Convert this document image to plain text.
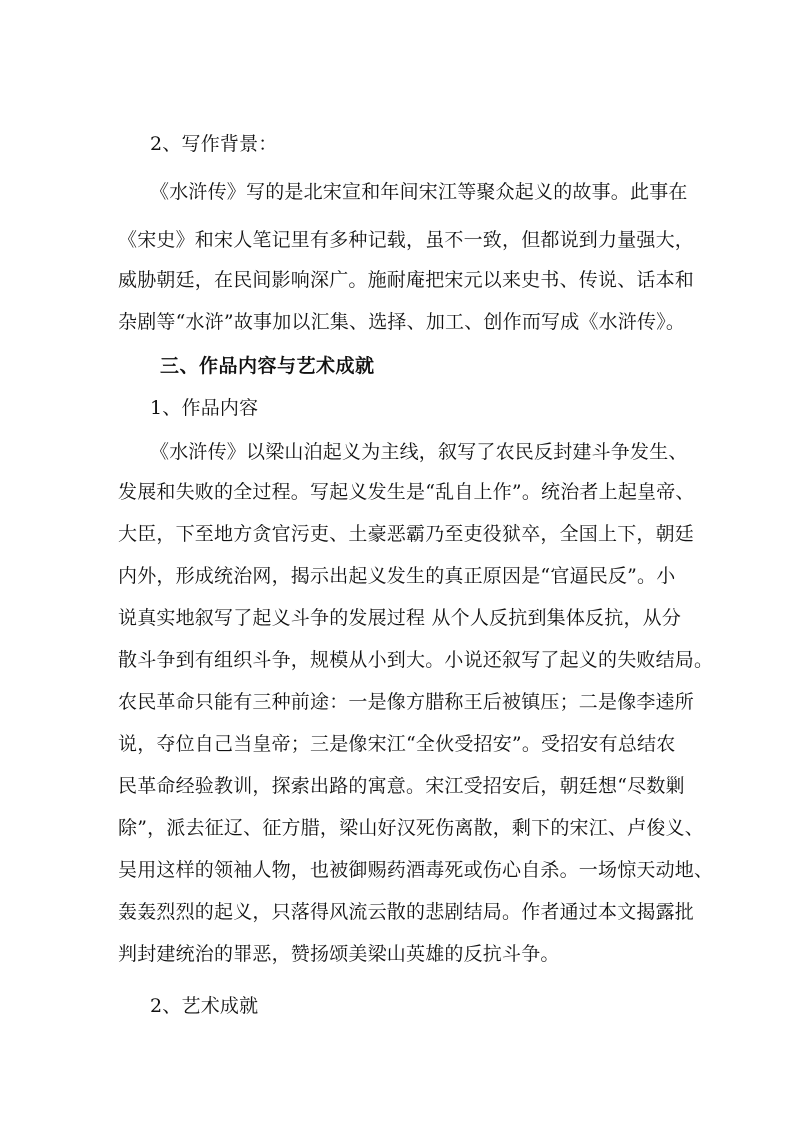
2、写作背景：
《水浒传》写的是北宋宣和年间宋江等聚众起义的故事。此事在
《宋史》和宋人笔记里有多种记载，虽不一致，但都说到力量强大，
威胁朝廷，在民间影响深广。施耐庵把宋元以来史书、传说、话本和
杂剧等“水浒”故事加以汇集、选择、加工、创作而写成《水浒传》。
三、作品内容与艺术成就
1、作品内容
《水浒传》以梁山泊起义为主线，叙写了农民反封建斗争发生、
发展和失败的全过程。写起义发生是“乱自上作”。统治者上起皇帝、
大臣，下至地方贪官污吏、土豪恶霸乃至吏役狱卒，全国上下，朝廷
内外，形成统治网，揭示出起义发生的真正原因是“官逼民反”。小
说真实地叙写了起义斗争的发展过程 从个人反抗到集体反抗，从分
散斗争到有组织斗争，规模从小到大。小说还叙写了起义的失败结局。
农民革命只能有三种前途：一是像方腊称王后被镇压；二是像李逵所
说，夺位自己当皇帝；三是像宋江“全伙受招安”。受招安有总结农
民革命经验教训，探索出路的寓意。宋江受招安后，朝廷想“尽数剿
除”，派去征辽、征方腊，梁山好汉死伤离散，剩下的宋江、卢俊义、
吴用这样的领袖人物，也被御赐药酒毒死或伤心自杀。一场惊天动地、
轰轰烈烈的起义，只落得风流云散的悲剧结局。作者通过本文揭露批
判封建统治的罪恶，赞扬颂美梁山英雄的反抗斗争。
2、艺术成就
